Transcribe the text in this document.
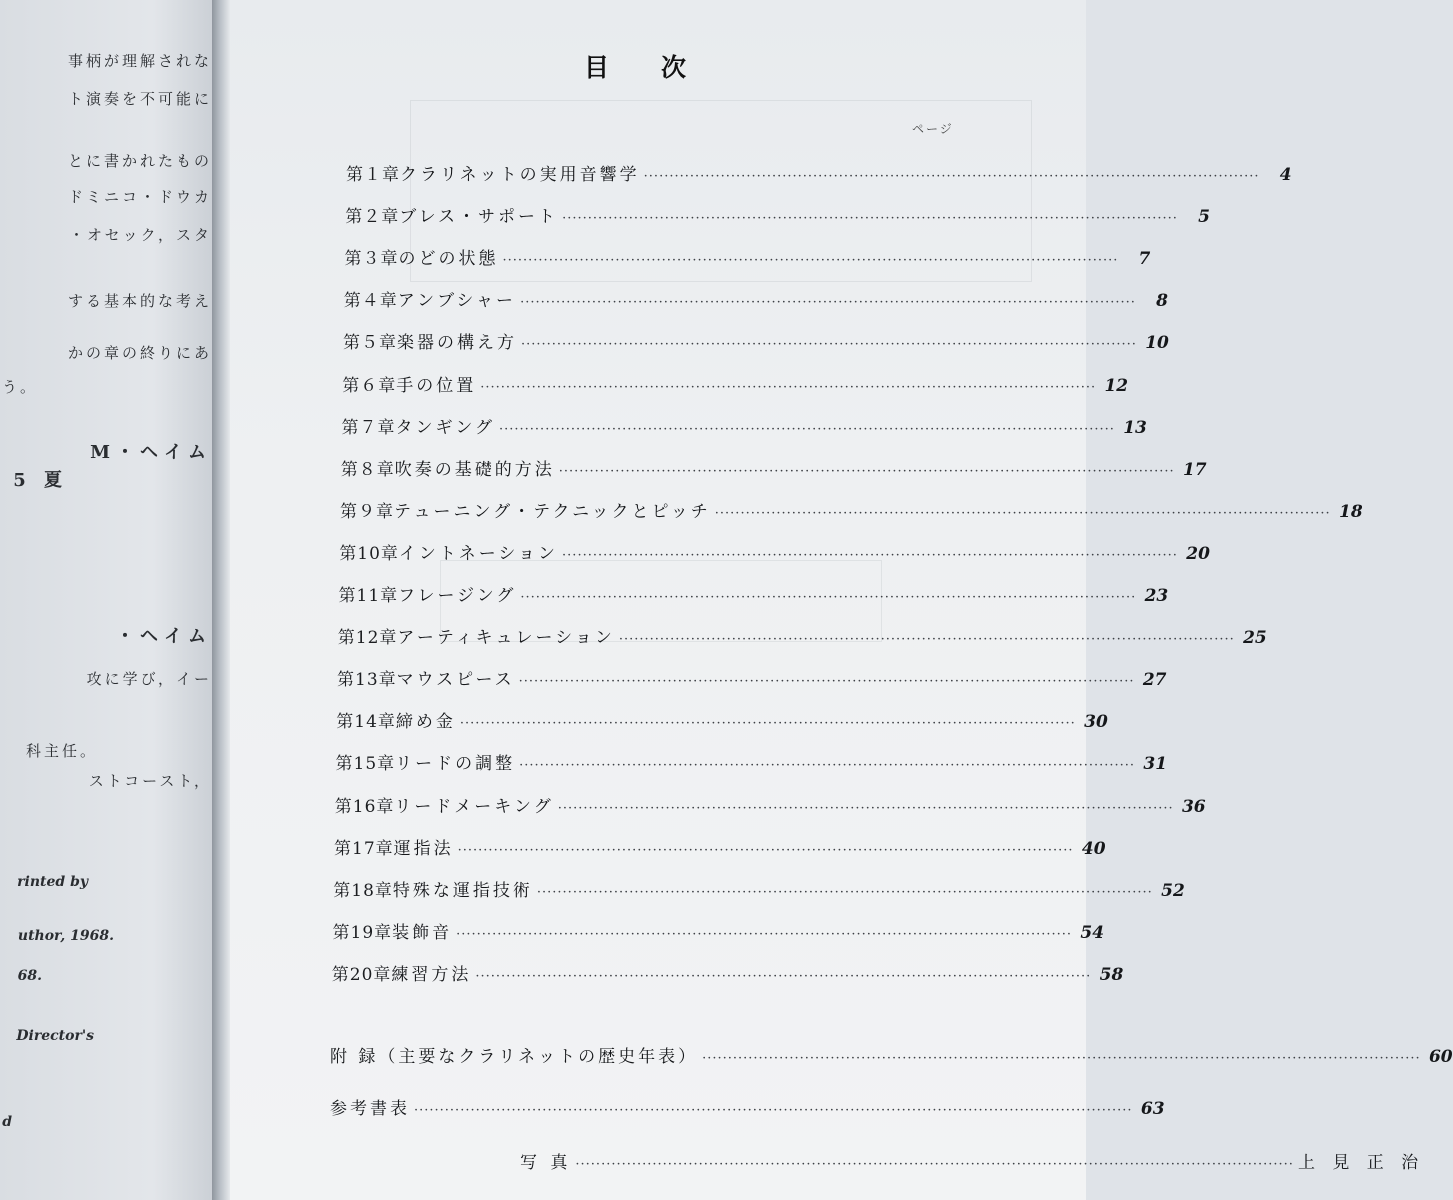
事柄が理解されな
ト演奏を不可能に
とに書かれたもの
ドミニコ・ドウカ
・オセック，スタ
する基本的な考え
かの章の終りにあ
う。
M・ヘイム
5 夏
・ヘイム
攻に学び，イー
科主任。
ストコースト，
rinted by
uthor, 1968.
68.
Director's
d
目次
ページ
第１章 クラリネットの実用音響学 ························································································································	4
第２章 ブレス・サポート ························································································································	5
第３章 のどの状態 ························································································································	7
第４章 アンブシャー ························································································································	8
第５章 楽器の構え方 ························································································································ 10
第６章 手の位置 ························································································································ 12
第７章 タンギング ························································································································ 13
第８章 吹奏の基礎的方法 ························································································································ 17
第９章 テューニング・テクニックとピッチ ························································································································ 18
第10章 イントネーション ························································································································ 20
第11章 フレージング ························································································································ 23
第12章 アーティキュレーション ························································································································ 25
第13章 マウスピース ························································································································ 27
第14章 締め金 ························································································································ 30
第15章 リードの調整 ························································································································ 31
第16章 リードメーキング ························································································································ 36
第17章 運指法 ························································································································ 40
第18章 特殊な運指技術 ························································································································ 52
第19章 装飾音 ························································································································ 54
第20章 練習方法 ························································································································ 58
附 録（主要なクラリネットの歴史年表） ············································································································································ 60
参考書表 ············································································································································ 63
写 真 ············································································································································ 上 見 正 治
